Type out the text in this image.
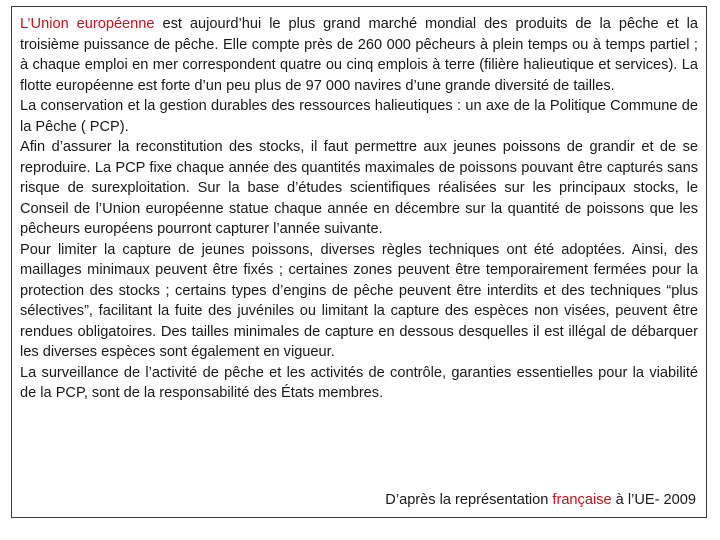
L’Union européenne est aujourd’hui le plus grand marché mondial des produits de la pêche et la troisième puissance de pêche. Elle compte près de 260 000 pêcheurs à plein temps ou à temps partiel ; à chaque emploi en mer correspondent quatre ou cinq emplois à terre (filière halieutique et services). La flotte européenne est forte d’un peu plus de 97 000 navires d’une grande diversité de tailles.

La conservation et la gestion durables des ressources halieutiques : un axe de la Politique Commune de la Pêche ( PCP).

Afin d’assurer la reconstitution des stocks, il faut permettre aux jeunes poissons de grandir et de se reproduire. La PCP fixe chaque année des quantités maximales de poissons pouvant être capturés sans risque de surexploitation. Sur la base d’études scientifiques réalisées sur les principaux stocks, le Conseil de l’Union européenne statue chaque année en décembre sur la quantité de poissons que les pêcheurs européens pourront capturer l’année suivante.

Pour limiter la capture de jeunes poissons, diverses règles techniques ont été adoptées. Ainsi, des maillages minimaux peuvent être fixés ; certaines zones peuvent être temporairement fermées pour la protection des stocks ; certains types d’engins de pêche peuvent être interdits et des techniques “plus sélectives”, facilitant la fuite des juvéniles ou limitant la capture des espèces non visées, peuvent être rendues obligatoires. Des tailles minimales de capture en dessous desquelles il est illégal de débarquer les diverses espèces sont également en vigueur.

La surveillance de l’activité de pêche et les activités de contrôle, garanties essentielles pour la viabilité de la PCP, sont de la responsabilité des États membres.

D’après la représentation française à l’UE- 2009
